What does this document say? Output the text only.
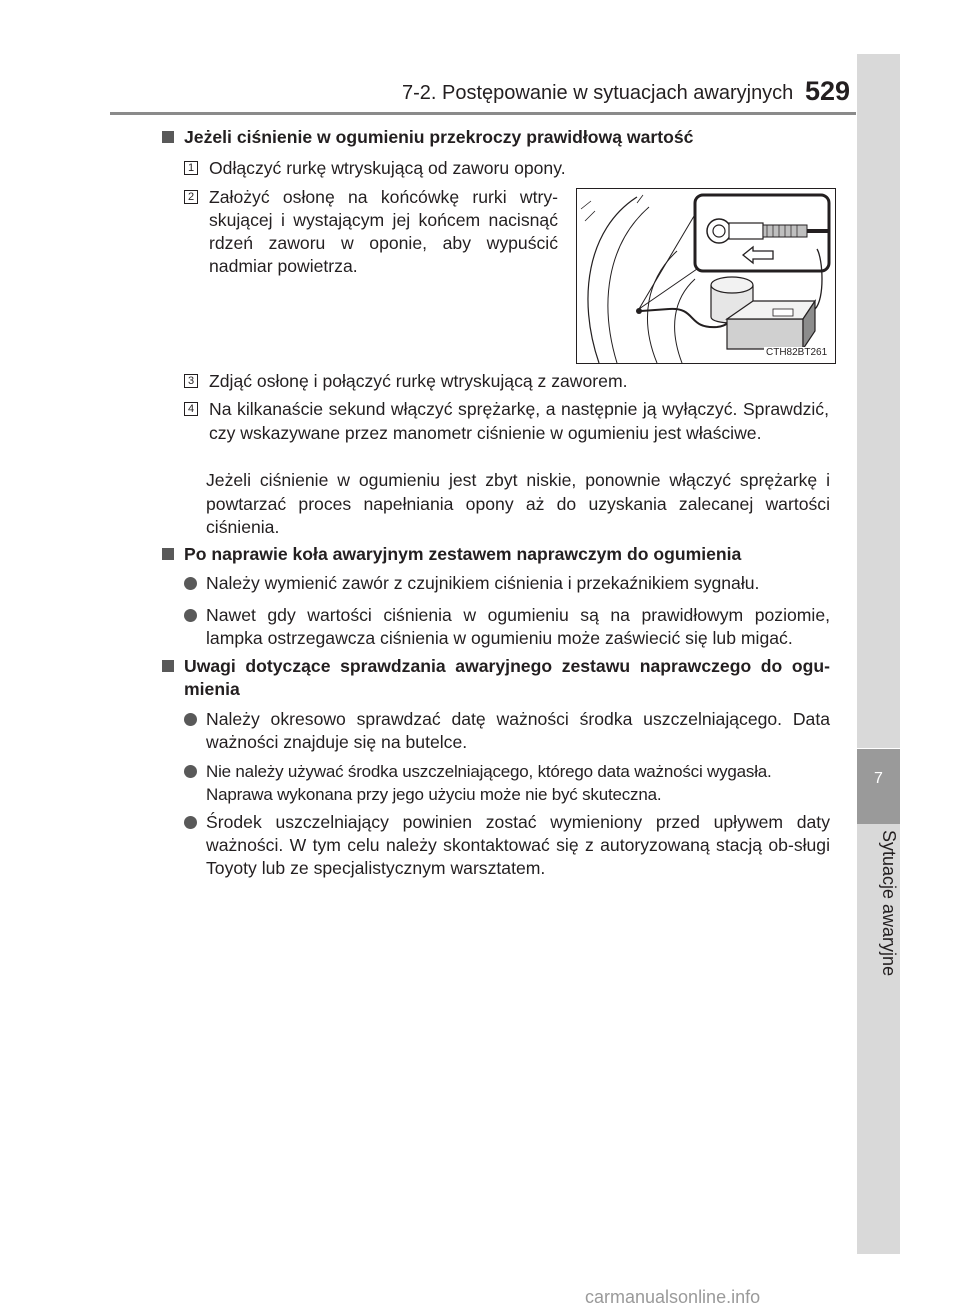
7-2. Postępowanie w sytuacjach awaryjnych 529
7
Sytuacje awaryjne
Jeżeli ciśnienie w ogumieniu przekroczy prawidłową wartość
1 Odłączyć rurkę wtryskującą od zaworu opony.
2 Założyć osłonę na końcówkę rurki wtry-skującej i wystającym jej końcem nacisnąć rdzeń zaworu w oponie, aby wypuścić nadmiar powietrza.
CTH82BT261
3 Zdjąć osłonę i połączyć rurkę wtryskującą z zaworem.
4 Na kilkanaście sekund włączyć sprężarkę, a następnie ją wyłączyć. Sprawdzić, czy wskazywane przez manometr ciśnienie w ogumieniu jest właściwe.
Jeżeli ciśnienie w ogumieniu jest zbyt niskie, ponownie włączyć sprężarkę i powtarzać proces napełniania opony aż do uzyskania zalecanej wartości ciśnienia.
Po naprawie koła awaryjnym zestawem naprawczym do ogumienia
Należy wymienić zawór z czujnikiem ciśnienia i przekaźnikiem sygnału.
Nawet gdy wartości ciśnienia w ogumieniu są na prawidłowym poziomie, lampka ostrzegawcza ciśnienia w ogumieniu może zaświecić się lub migać.
Uwagi dotyczące sprawdzania awaryjnego zestawu naprawczego do ogu-mienia
Należy okresowo sprawdzać datę ważności środka uszczelniającego. Data ważności znajduje się na butelce.
Nie należy używać środka uszczelniającego, którego data ważności wygasła. Naprawa wykonana przy jego użyciu może nie być skuteczna.
Środek uszczelniający powinien zostać wymieniony przed upływem daty ważności. W tym celu należy skontaktować się z autoryzowaną stacją ob-sługi Toyoty lub ze specjalistycznym warsztatem.
carmanualsonline.info
